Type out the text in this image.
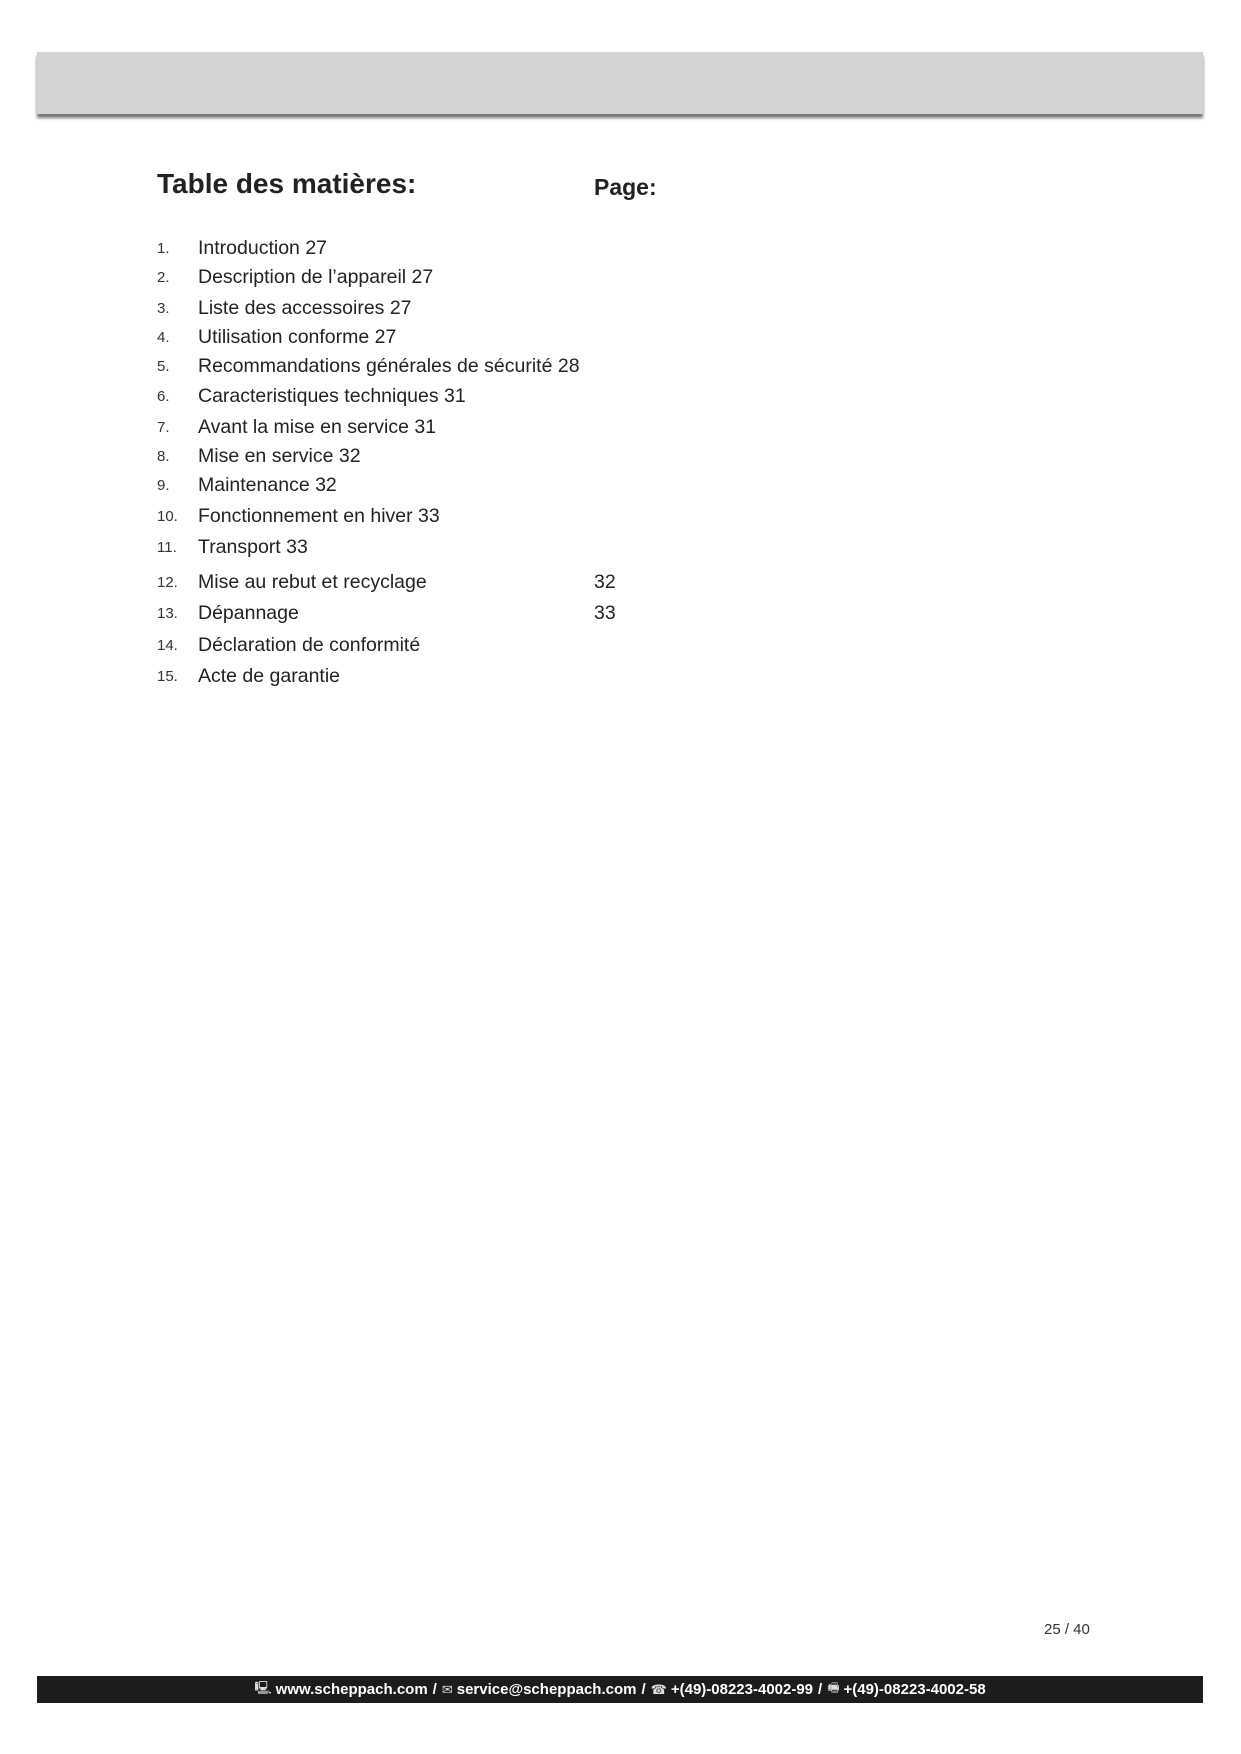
Table des matières:	Page:
1. Introduction 27
2. Description de l’appareil 27
3. Liste des accessoires 27
4. Utilisation conforme 27
5. Recommandations générales de sécurité 28
6. Caracteristiques techniques 31
7. Avant la mise en service 31
8. Mise en service 32
9. Maintenance 32
10. Fonctionnement en hiver 33
11. Transport 33
12. Mise au rebut et recyclage	32
13. Dépannage	33
14. Déclaration de conformité
15. Acte de garantie
25 / 40
🖳 www.scheppach.com / ✉ service@scheppach.com / ☎ +(49)-08223-4002-99 / 🖷 +(49)-08223-4002-58
